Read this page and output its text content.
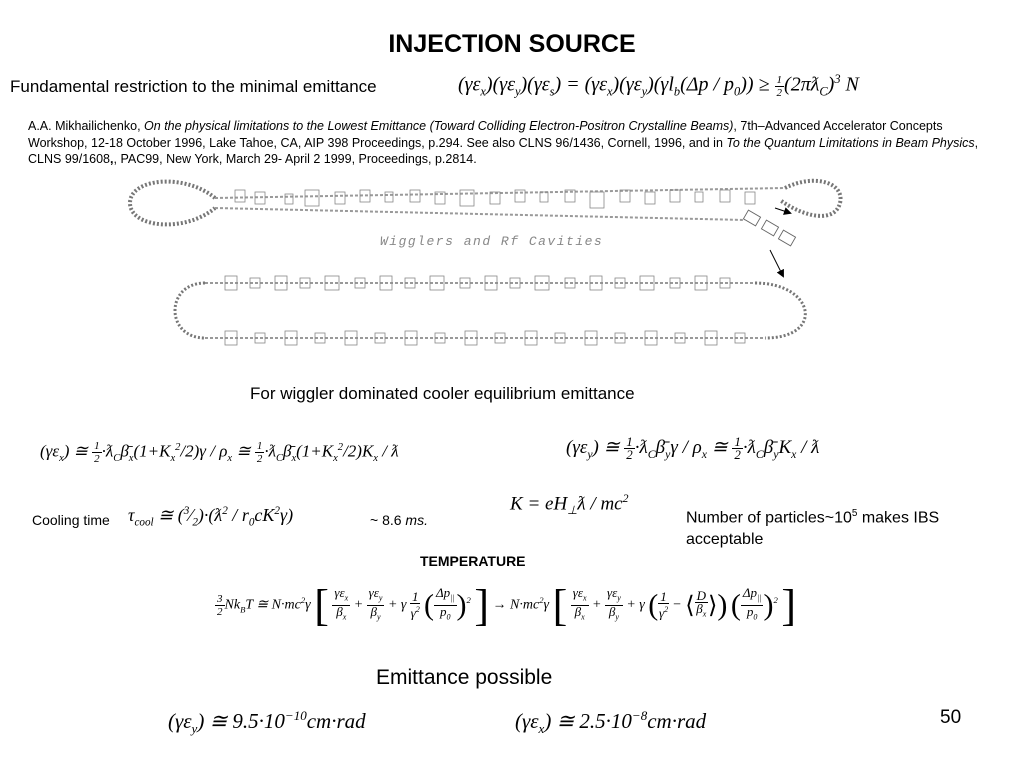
INJECTION SOURCE
Fundamental restriction to the minimal emittance	$(\gamma\varepsilon_x)(\gamma\varepsilon_y)(\gamma\varepsilon_s) = (\gamma\varepsilon_x)(\gamma\varepsilon_y)(\gamma l_b(\Delta p / p_0)) \ge \frac{1}{2}$ $(2\pi ƛ_C)^3$ N
A.A. Mikhailichenko, On the physical limitations to the Lowest Emittance (Toward Colliding Electron-Positron Crystalline Beams), 7th–Advanced Accelerator Concepts Workshop, 12-18 October 1996, Lake Tahoe, CA, AIP 398 Proceedings, p.294. See also CLNS 96/1436, Cornell, 1996, and in To the Quantum Limitations in Beam Physics, CLNS 99/1608,, PAC99, New York, March 29- April 2 1999, Proceedings, p.2814.
Wigglers and Rf Cavities
For wiggler dominated cooler equilibrium emittance
$(\gamma\varepsilon_x)$ ≅ $\frac{1}{2}$ $\cdot ƛ_C\betā_x(1+K_x^2/2)\gamma / \rho_x$ ≅ $\frac{1}{2}$ $\cdot ƛ_C\betā_x(1+K_x^2/2)K_x$ / ƛ	$(\gamma\varepsilon_y)$ ≅ $\frac{1}{2}$ $\cdot ƛ_C\betā_y\gamma / \rho_x$ ≅ $\frac{1}{2}$ $\cdot ƛ_C\betā_yK_x$ / ƛ
Cooling time $\tau_{cool}$ ≅ $(^3⁄_2)\cdot(ƛ^2 / r_0cK^2\gamma)$	~ 8.6 ms.
$K = eH_\perp ƛ / mc^2$
Number of $particles\sim 10^5$ makes IBS acceptable
TEMPERATURE
$\frac{3}{2} Nk_BT$ ≅ $N\cdot mc^2\gamma$ [ $\frac{\gamma\varepsilon_x}{\beta_x} + \frac{\gamma\varepsilon_y}{\beta_y} + \gamma \frac{1}{\gamma^2}$ ( $\frac{\Delta p_{||}}{p_0} )^2$ ] → $N\cdot mc^2\gamma$ [ $\frac{\gamma\varepsilon_x}{\beta_x} + \frac{\gamma\varepsilon_y}{\beta_y} + \gamma$ ( $\frac{1}{\gamma^2}$ − ⟨ $\frac{D}{\beta_x}$ ⟩) ( $\frac{\Delta p_{||}}{p_0} )^2$ ]
Emittance possible
$(\gamma\varepsilon_y)$ ≅ $9.5\cdot 10^{-10}cm\cdot rad$	$(\gamma\varepsilon_x)$ ≅ $2.5\cdot 10^{-8}cm\cdot rad$	50
